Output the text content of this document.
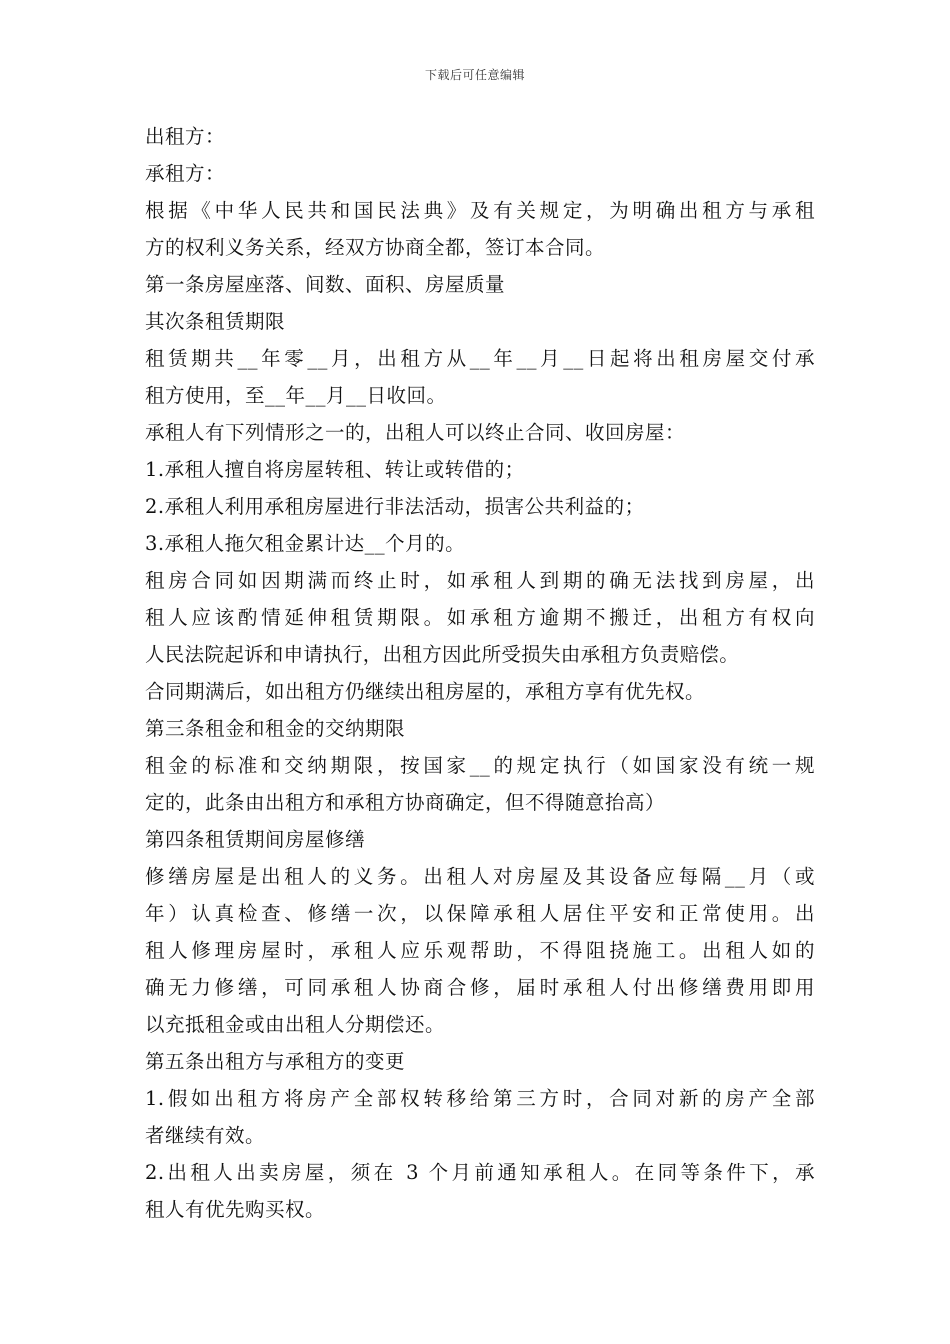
下载后可任意编辑
出租方：
承租方：
根据《中华人民共和国民法典》及有关规定，为明确出租方与承租
方的权利义务关系，经双方协商全都，签订本合同。
第一条房屋座落、间数、面积、房屋质量
其次条租赁期限
租赁期共__年零__月，出租方从__年__月__日起将出租房屋交付承
租方使用，至__年__月__日收回。
承租人有下列情形之一的，出租人可以终止合同、收回房屋：
1.承租人擅自将房屋转租、转让或转借的；
2.承租人利用承租房屋进行非法活动，损害公共利益的；
3.承租人拖欠租金累计达__个月的。
租房合同如因期满而终止时，如承租人到期的确无法找到房屋，出
租人应该酌情延伸租赁期限。如承租方逾期不搬迁，出租方有权向
人民法院起诉和申请执行，出租方因此所受损失由承租方负责赔偿。
合同期满后，如出租方仍继续出租房屋的，承租方享有优先权。
第三条租金和租金的交纳期限
租金的标准和交纳期限，按国家__的规定执行（如国家没有统一规
定的，此条由出租方和承租方协商确定，但不得随意抬高）
第四条租赁期间房屋修缮
修缮房屋是出租人的义务。出租人对房屋及其设备应每隔__月（或
年）认真检查、修缮一次，以保障承租人居住平安和正常使用。出
租人修理房屋时，承租人应乐观帮助，不得阻挠施工。出租人如的
确无力修缮，可同承租人协商合修，届时承租人付出修缮费用即用
以充抵租金或由出租人分期偿还。
第五条出租方与承租方的变更
1.假如出租方将房产全部权转移给第三方时，合同对新的房产全部
者继续有效。
2.出租人出卖房屋，须在 3 个月前通知承租人。在同等条件下，承
租人有优先购买权。
